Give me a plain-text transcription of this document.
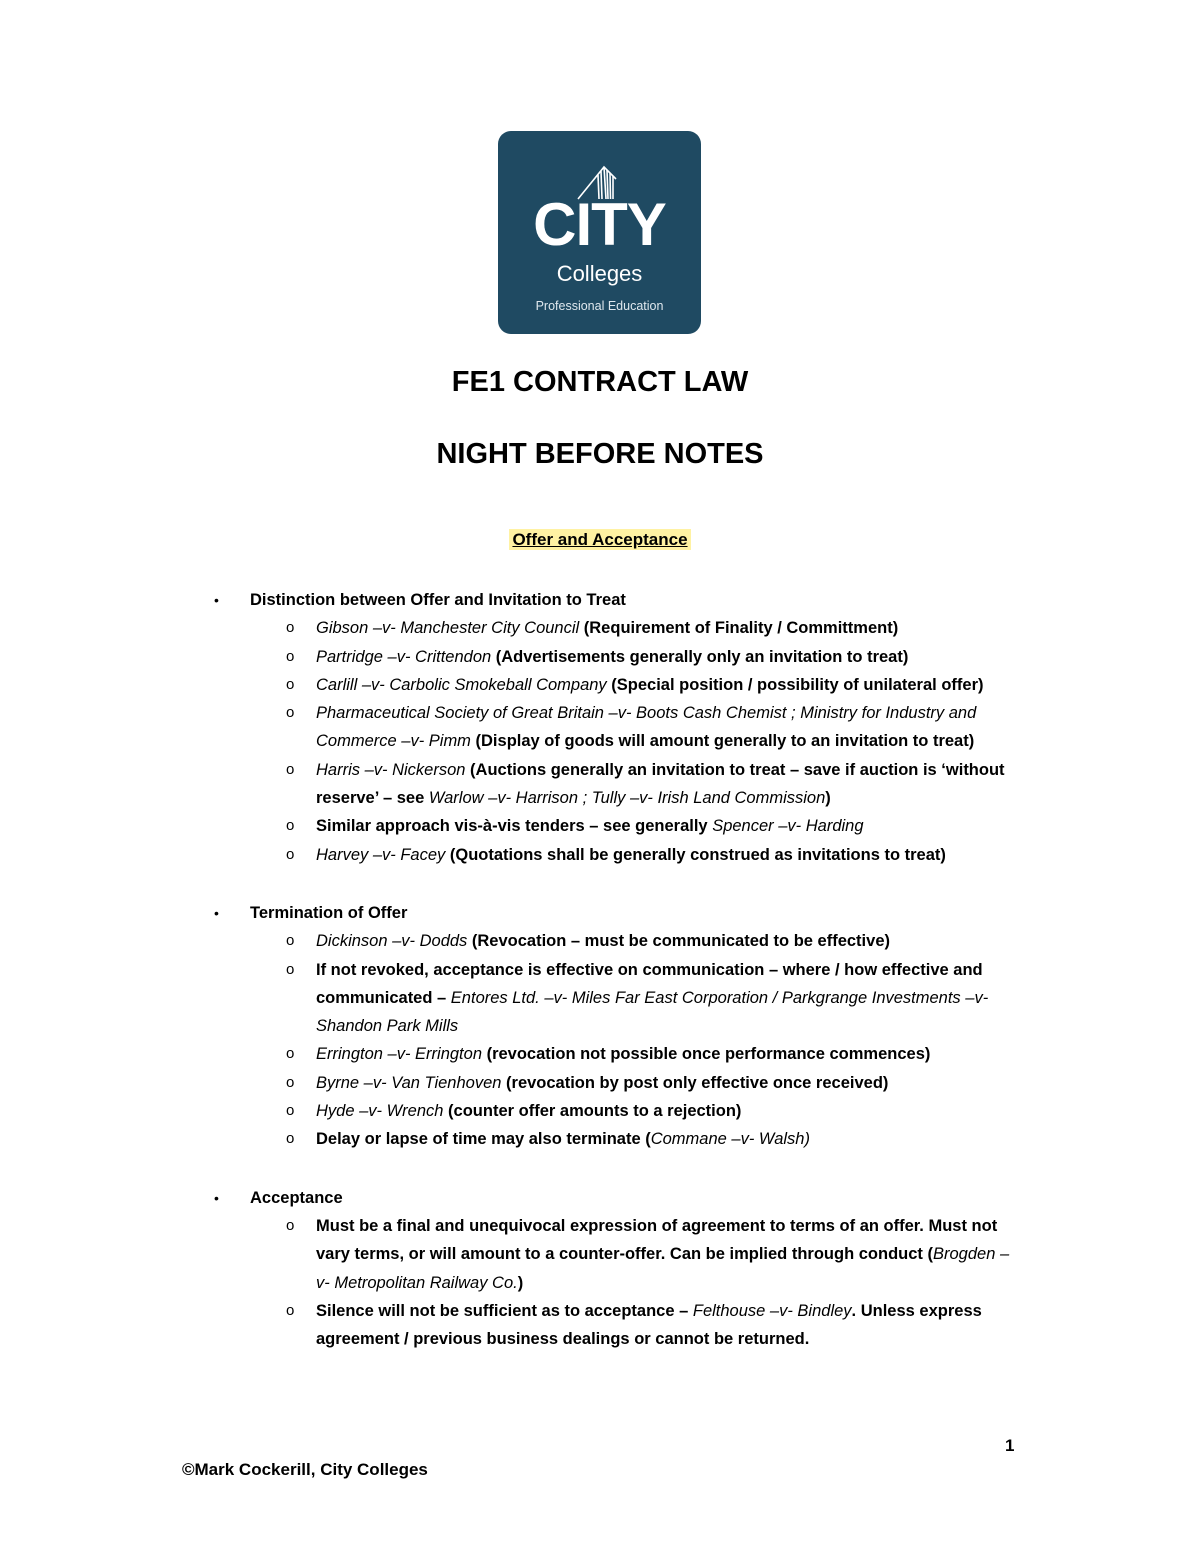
CITY
Colleges
Professional Education
FE1 CONTRACT LAW
NIGHT BEFORE NOTES
Offer and Acceptance
• Distinction between Offer and Invitation to Treat
o Gibson –v- Manchester City Council (Requirement of Finality / Committment)
o Partridge –v- Crittendon (Advertisements generally only an invitation to treat)
o Carlill –v- Carbolic Smokeball Company (Special position / possibility of unilateral offer)
o Pharmaceutical Society of Great Britain –v- Boots Cash Chemist ; Ministry for Industry and Commerce –v- Pimm (Display of goods will amount generally to an invitation to treat)
o Harris –v- Nickerson (Auctions generally an invitation to treat – save if auction is ‘without reserve’ – see Warlow –v- Harrison ; Tully –v- Irish Land Commission)
o Similar approach vis-à-vis tenders – see generally Spencer –v- Harding
o Harvey –v- Facey (Quotations shall be generally construed as invitations to treat)
• Termination of Offer
o Dickinson –v- Dodds (Revocation – must be communicated to be effective)
o If not revoked, acceptance is effective on communication – where / how effective and communicated – Entores Ltd. –v- Miles Far East Corporation / Parkgrange Investments –v- Shandon Park Mills
o Errington –v- Errington (revocation not possible once performance commences)
o Byrne –v- Van Tienhoven (revocation by post only effective once received)
o Hyde –v- Wrench (counter offer amounts to a rejection)
o Delay or lapse of time may also terminate (Commane –v- Walsh)
• Acceptance
o Must be a final and unequivocal expression of agreement to terms of an offer. Must not vary terms, or will amount to a counter-offer. Can be implied through conduct (Brogden –v- Metropolitan Railway Co.)
o Silence will not be sufficient as to acceptance – Felthouse –v- Bindley. Unless express agreement / previous business dealings or cannot be returned.
1
©Mark Cockerill, City Colleges
